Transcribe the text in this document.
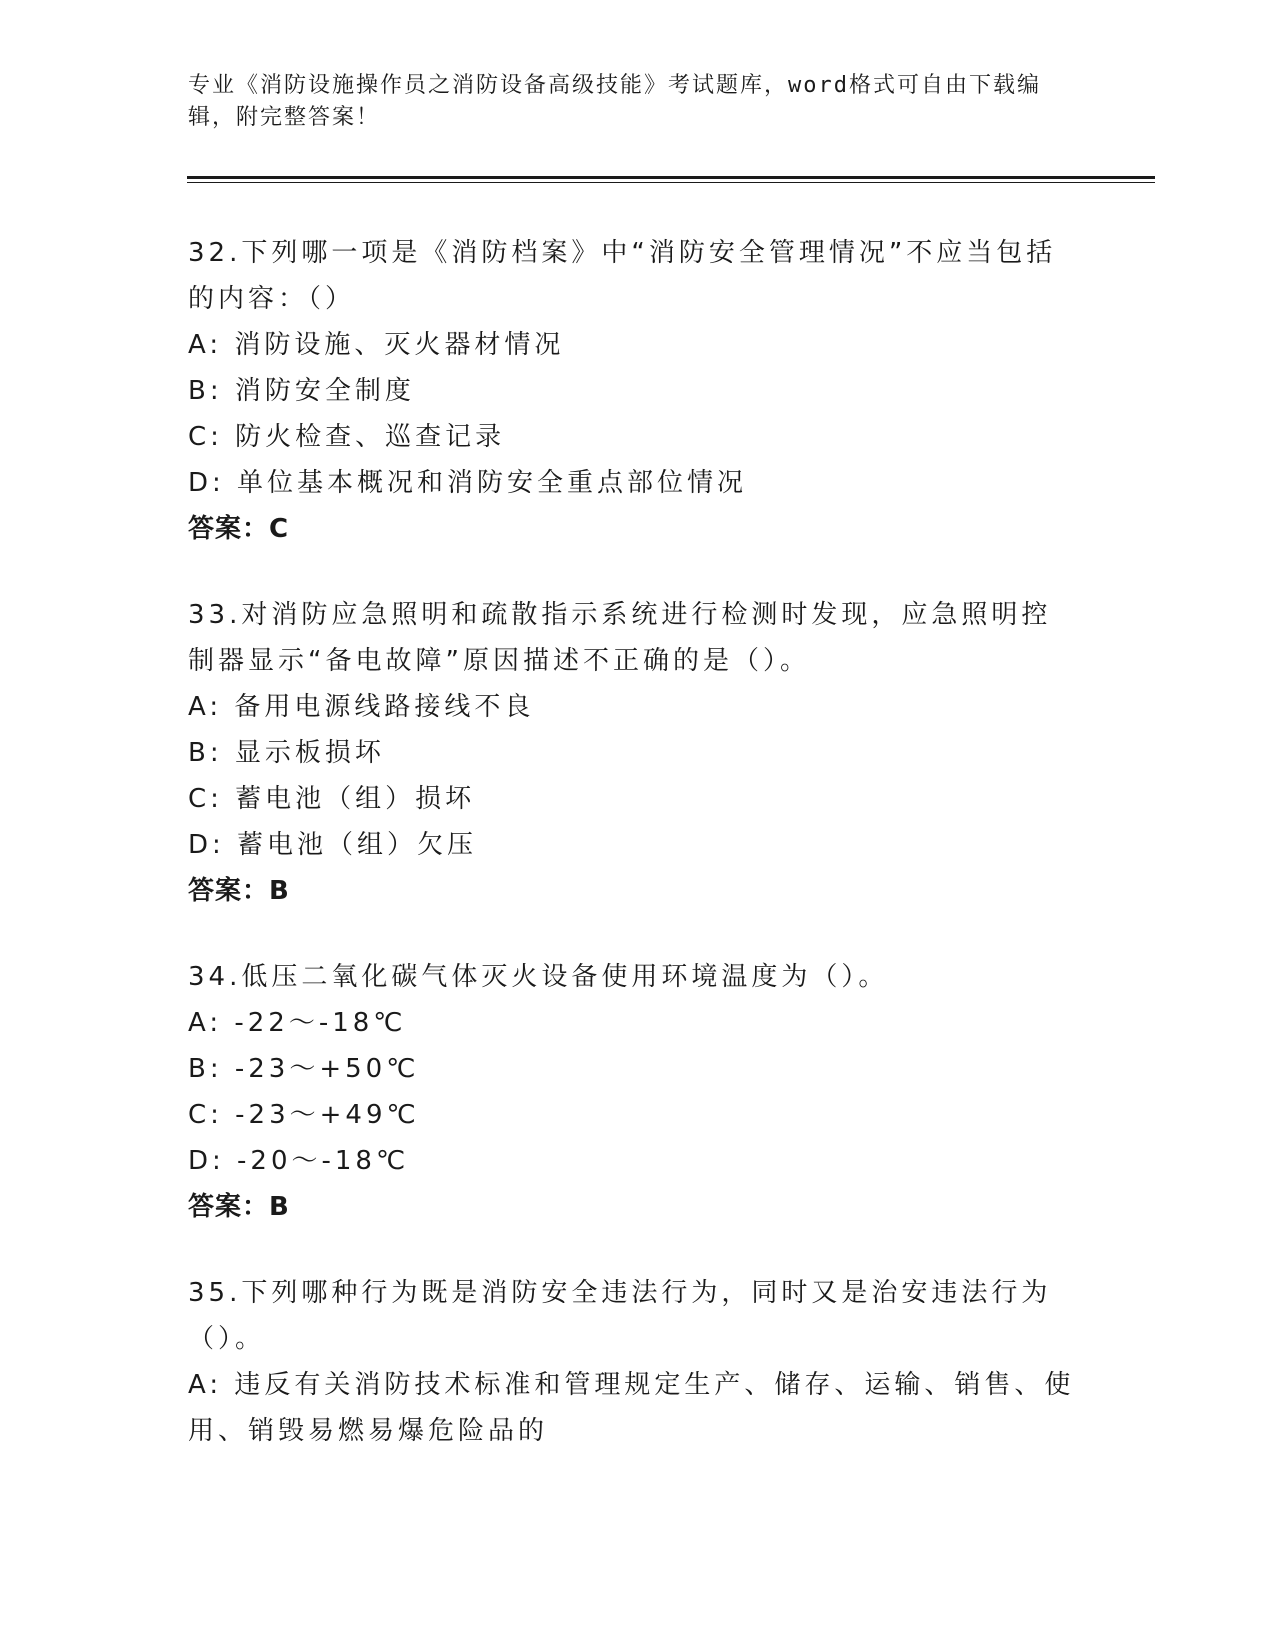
专业《消防设施操作员之消防设备高级技能》考试题库，word格式可自由下载编辑，附完整答案！

32.下列哪一项是《消防档案》中“消防安全管理情况”不应当包括的内容：（）

A: 消防设施、灭火器材情况

B: 消防安全制度

C: 防火检查、巡查记录

D: 单位基本概况和消防安全重点部位情况

答案：C

33.对消防应急照明和疏散指示系统进行检测时发现，应急照明控制器显示“备电故障”原因描述不正确的是（）。

A: 备用电源线路接线不良

B: 显示板损坏

C: 蓄电池（组）损坏

D: 蓄电池（组）欠压

答案：B

34.低压二氧化碳气体灭火设备使用环境温度为（）。

A: -22～-18℃

B: -23～+50℃

C: -23～+49℃

D: -20～-18℃

答案：B

35.下列哪种行为既是消防安全违法行为，同时又是治安违法行为（）。

A: 违反有关消防技术标准和管理规定生产、储存、运输、销售、使用、销毁易燃易爆危险品的
